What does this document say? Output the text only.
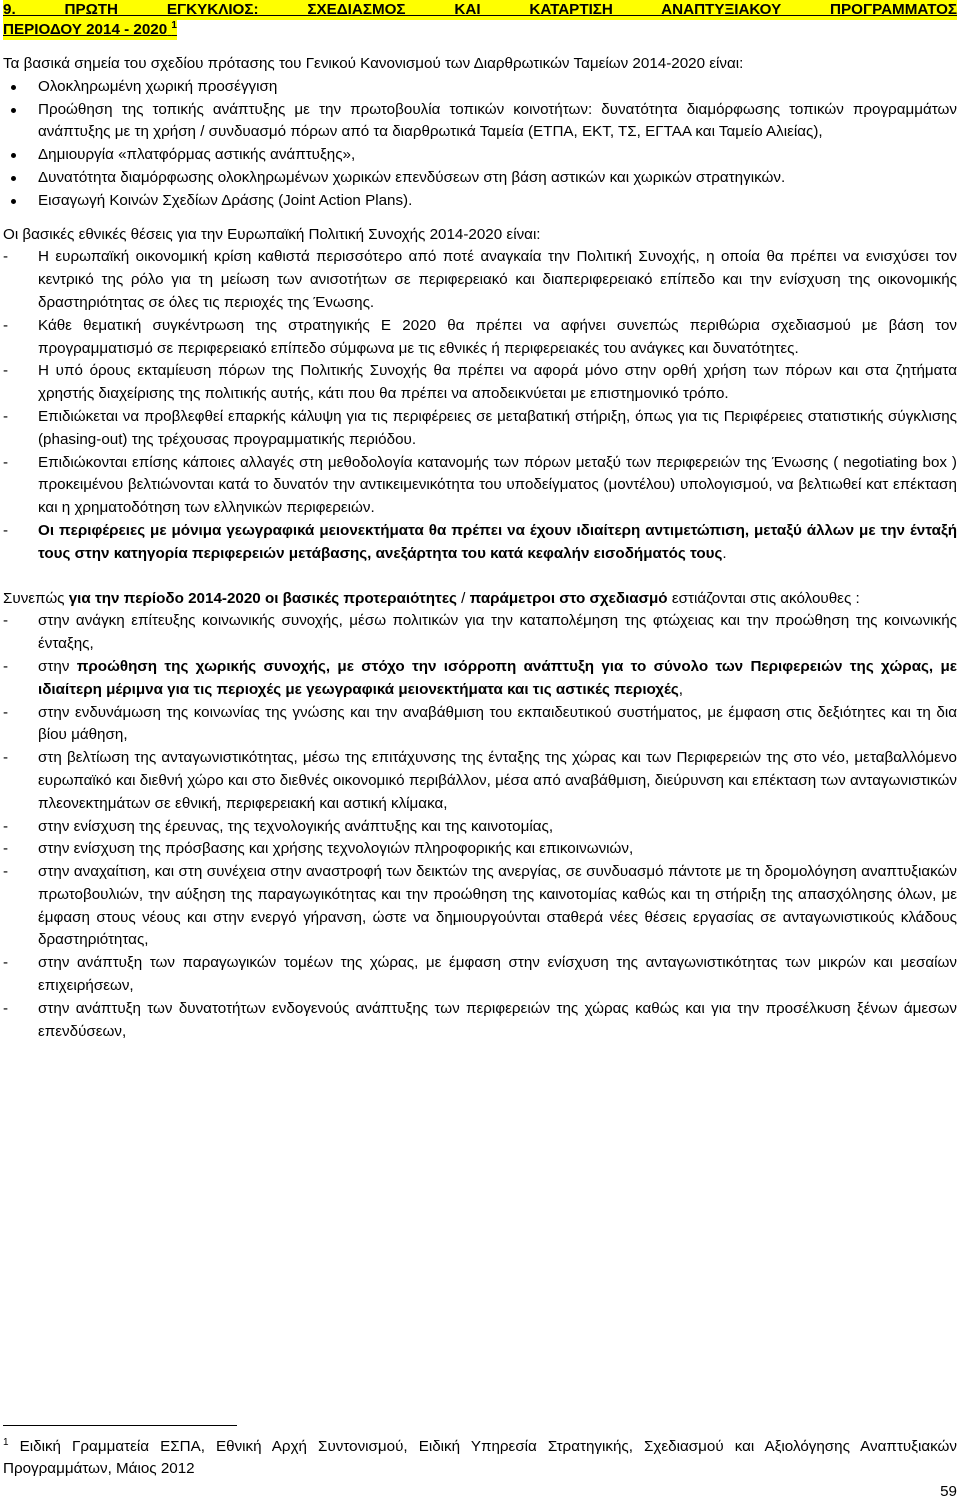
9. ΠΡΩΤΗ ΕΓΚΥΚΛΙΟΣ: ΣΧΕΔΙΑΣΜΟΣ ΚΑΙ ΚΑΤΑΡΤΙΣΗ ΑΝΑΠΤΥΞΙΑΚΟΥ ΠΡΟΓΡΑΜΜΑΤΟΣ
ΠΕΡΙΟΔΟΥ 2014 - 2020 $^1$

Τα βασικά σημεία του σχεδίου πρότασης του Γενικού Κανονισμού των Διαρθρωτικών Ταμείων 2014-2020 είναι:

Ολοκληρωμένη χωρική προσέγγιση
Προώθηση της τοπικής ανάπτυξης με την πρωτοβουλία τοπικών κοινοτήτων: δυνατότητα διαμόρφωσης τοπικών προγραμμάτων ανάπτυξης με τη χρήση / συνδυασμό πόρων από τα διαρθρωτικά Ταμεία (ΕΤΠΑ, ΕΚΤ, ΤΣ, ΕΓΤΑΑ και Ταμείο Αλιείας),
Δημιουργία «πλατφόρμας αστικής ανάπτυξης»,
Δυνατότητα διαμόρφωσης ολοκληρωμένων χωρικών επενδύσεων στη βάση αστικών και χωρικών στρατηγικών.
Εισαγωγή Κοινών Σχεδίων Δράσης (Joint Action Plans).

Οι βασικές εθνικές θέσεις για την Ευρωπαϊκή Πολιτική Συνοχής 2014-2020 είναι:

- Η ευρωπαϊκή οικονομική κρίση καθιστά περισσότερο από ποτέ αναγκαία την Πολιτική Συνοχής, η οποία θα πρέπει να ενισχύσει τον κεντρικό της ρόλο για τη μείωση των ανισοτήτων σε περιφερειακό και διαπεριφερειακό επίπεδο και την ενίσχυση της οικονομικής δραστηριότητας σε όλες τις περιοχές της Ένωσης.
- Κάθε θεματική συγκέντρωση της στρατηγικής Ε 2020 θα πρέπει να αφήνει συνεπώς περιθώρια σχεδιασμού με βάση τον προγραμματισμό σε περιφερειακό επίπεδο σύμφωνα με τις εθνικές ή περιφερειακές του ανάγκες και δυνατότητες.
- Η υπό όρους εκταμίευση πόρων της Πολιτικής Συνοχής θα πρέπει να αφορά μόνο στην ορθή χρήση των πόρων και στα ζητήματα χρηστής διαχείρισης της πολιτικής αυτής, κάτι που θα πρέπει να αποδεικνύεται με επιστημονικό τρόπο.
- Επιδιώκεται να προβλεφθεί επαρκής κάλυψη για τις περιφέρειες σε μεταβατική στήριξη, όπως για τις Περιφέρειες στατιστικής σύγκλισης (phasing-out) της τρέχουσας προγραμματικής περιόδου.
- Επιδιώκονται επίσης κάποιες αλλαγές στη μεθοδολογία κατανομής των πόρων μεταξύ των περιφερειών της Ένωσης ( negotiating box ) προκειμένου βελτιώνονται κατά το δυνατόν την αντικειμενικότητα του υποδείγματος (μοντέλου) υπολογισμού, να βελτιωθεί κατ επέκταση και η χρηματοδότηση των ελληνικών περιφερειών.
- Οι περιφέρειες με μόνιμα γεωγραφικά μειονεκτήματα θα πρέπει να έχουν ιδιαίτερη αντιμετώπιση, μεταξύ άλλων με την ένταξή τους στην κατηγορία περιφερειών μετάβασης, ανεξάρτητα του κατά κεφαλήν εισοδήματός τους.

Συνεπώς για την περίοδο 2014-2020 οι βασικές προτεραιότητες / παράμετροι στο σχεδιασμό εστιάζονται στις ακόλουθες :

- στην ανάγκη επίτευξης κοινωνικής συνοχής, μέσω πολιτικών για την καταπολέμηση της φτώχειας και την προώθηση της κοινωνικής ένταξης,
- στην προώθηση της χωρικής συνοχής, με στόχο την ισόρροπη ανάπτυξη για το σύνολο των Περιφερειών της χώρας, με ιδιαίτερη μέριμνα για τις περιοχές με γεωγραφικά μειονεκτήματα και τις αστικές περιοχές,
- στην ενδυνάμωση της κοινωνίας της γνώσης και την αναβάθμιση του εκπαιδευτικού συστήματος, με έμφαση στις δεξιότητες και τη δια βίου μάθηση,
- στη βελτίωση της ανταγωνιστικότητας, μέσω της επιτάχυνσης της ένταξης της χώρας και των Περιφερειών της στο νέο, μεταβαλλόμενο ευρωπαϊκό και διεθνή χώρο και στο διεθνές οικονομικό περιβάλλον, μέσα από αναβάθμιση, διεύρυνση και επέκταση των ανταγωνιστικών πλεονεκτημάτων σε εθνική, περιφερειακή και αστική κλίμακα,
- στην ενίσχυση της έρευνας, της τεχνολογικής ανάπτυξης και της καινοτομίας,
- στην ενίσχυση της πρόσβασης και χρήσης τεχνολογιών πληροφορικής και επικοινωνιών,
- στην αναχαίτιση, και στη συνέχεια στην αναστροφή των δεικτών της ανεργίας, σε συνδυασμό πάντοτε με τη δρομολόγηση αναπτυξιακών πρωτοβουλιών, την αύξηση της παραγωγικότητας και την προώθηση της καινοτομίας καθώς και τη στήριξη της απασχόλησης όλων, με έμφαση στους νέους και στην ενεργό γήρανση, ώστε να δημιουργούνται σταθερά νέες θέσεις εργασίας σε ανταγωνιστικούς κλάδους δραστηριότητας,
- στην ανάπτυξη των παραγωγικών τομέων της χώρας, με έμφαση στην ενίσχυση της ανταγωνιστικότητας των μικρών και μεσαίων επιχειρήσεων,
- στην ανάπτυξη των δυνατοτήτων ενδογενούς ανάπτυξης των περιφερειών της χώρας καθώς και για την προσέλκυση ξένων άμεσων επενδύσεων,
$^1$ Ειδική Γραμματεία ΕΣΠΑ, Εθνική Αρχή Συντονισμού, Ειδική Υπηρεσία Στρατηγικής, Σχεδιασμού και Αξιολόγησης Αναπτυξιακών Προγραμμάτων, Μάιος 2012
59
